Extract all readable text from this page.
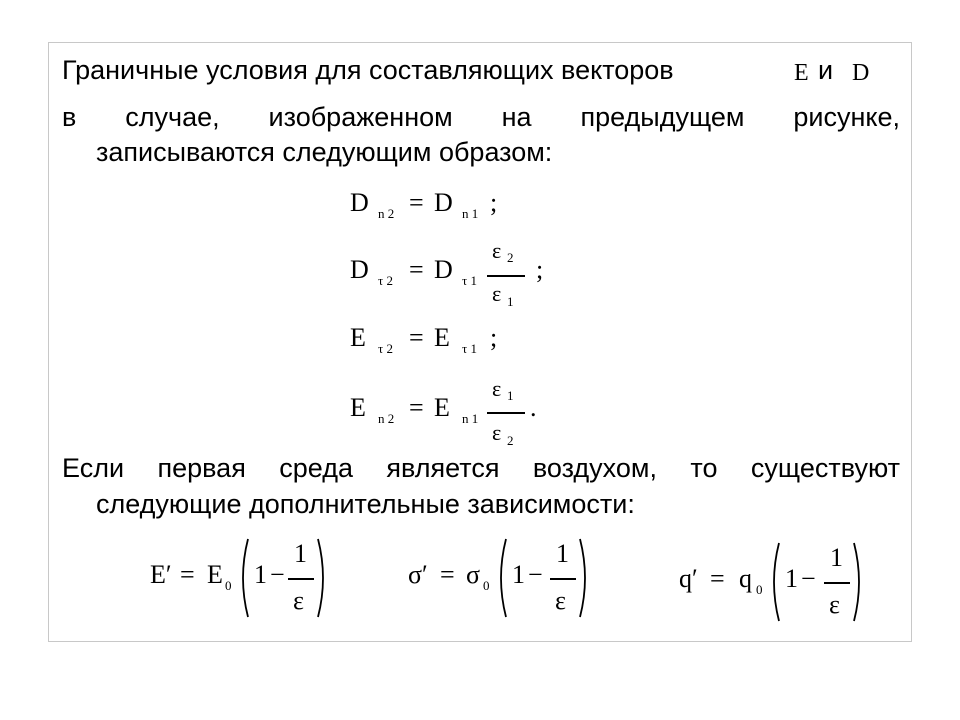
Граничные условия для составляющих векторов	E и D
в случае, изображенном на предыдущем рисунке,
записываются следующим образом:
D n 2 = D n 1 ;
D τ 2 = D τ 1
ε 2
ε 1
;
E τ 2 = E τ 1 ;
E n 2 = E n 1
ε 1
ε 2
.
Если первая среда является воздухом, то существуют
следующие дополнительные зависимости:
E′ = E 0 1 −
1
ε
σ′ = σ 0 1 −
1
ε
q′ = q 0 1 −
1
ε
